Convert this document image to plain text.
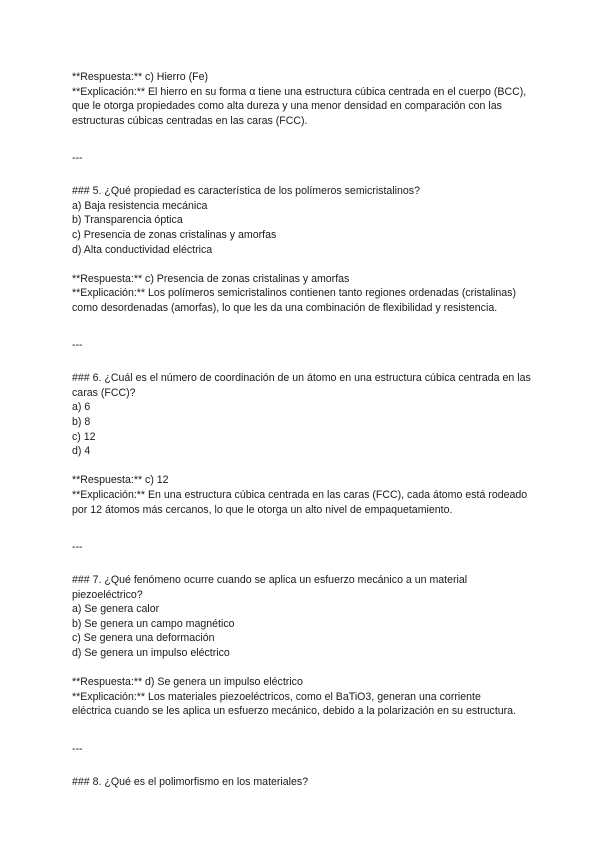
**Respuesta:** c) Hierro (Fe)
**Explicación:** El hierro en su forma α tiene una estructura cúbica centrada en el cuerpo (BCC), que le otorga propiedades como alta dureza y una menor densidad en comparación con las estructuras cúbicas centradas en las caras (FCC).
---
### 5. ¿Qué propiedad es característica de los polímeros semicristalinos?
a) Baja resistencia mecánica
b) Transparencia óptica
c) Presencia de zonas cristalinas y amorfas
d) Alta conductividad eléctrica
**Respuesta:** c) Presencia de zonas cristalinas y amorfas
**Explicación:** Los polímeros semicristalinos contienen tanto regiones ordenadas (cristalinas) como desordenadas (amorfas), lo que les da una combinación de flexibilidad y resistencia.
---
### 6. ¿Cuál es el número de coordinación de un átomo en una estructura cúbica centrada en las caras (FCC)?
a) 6
b) 8
c) 12
d) 4
**Respuesta:** c) 12
**Explicación:** En una estructura cúbica centrada en las caras (FCC), cada átomo está rodeado por 12 átomos más cercanos, lo que le otorga un alto nivel de empaquetamiento.
---
### 7. ¿Qué fenómeno ocurre cuando se aplica un esfuerzo mecánico a un material piezoeléctrico?
a) Se genera calor
b) Se genera un campo magnético
c) Se genera una deformación
d) Se genera un impulso eléctrico
**Respuesta:** d) Se genera un impulso eléctrico
**Explicación:** Los materiales piezoeléctricos, como el BaTiO3, generan una corriente eléctrica cuando se les aplica un esfuerzo mecánico, debido a la polarización en su estructura.
---
### 8. ¿Qué es el polimorfismo en los materiales?
